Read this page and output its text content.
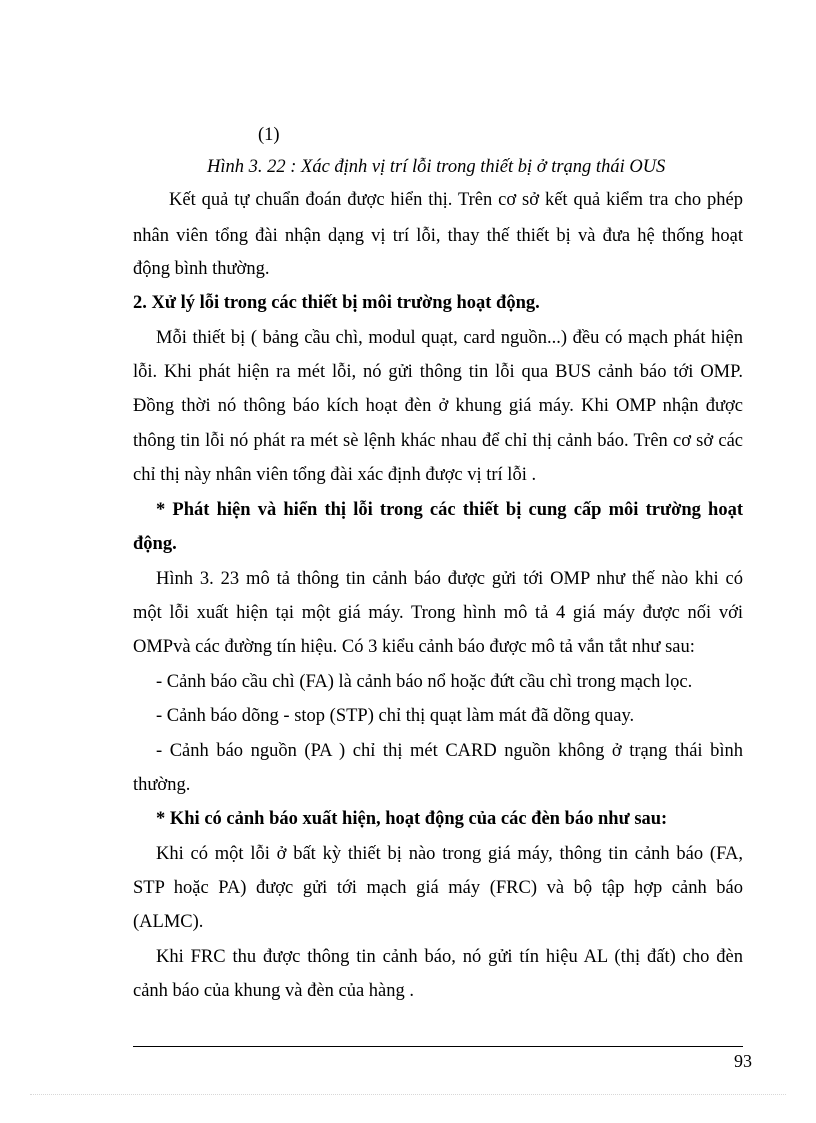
(1)
Hình 3. 22 : Xác định vị trí lỗi trong thiết bị ở trạng thái OUS
Kết quả tự chuẩn đoán được hiển thị. Trên cơ sở kết quả kiểm tra cho phép
nhân viên tổng đài nhận dạng vị trí lỗi, thay thế thiết bị và đưa hệ thống hoạt
động bình thường.
2. Xử lý lỗi trong các thiết bị môi trường hoạt động.
Mỗi thiết bị ( bảng cầu chì, modul quạt, card nguồn...) đều có mạch phát hiện
lỗi. Khi phát hiện ra mét lỗi, nó gửi thông tin lỗi qua BUS cảnh báo tới OMP.
Đồng thời nó thông báo kích hoạt đèn ở khung giá máy. Khi OMP nhận được
thông tin lỗi nó phát ra mét sè lệnh khác nhau để chỉ thị cảnh báo. Trên cơ sở các
chỉ thị này nhân viên tổng đài xác định được vị trí lỗi .
* Phát hiện và hiển thị lỗi trong các thiết bị cung cấp môi trường hoạt
động.
Hình 3. 23 mô tả thông tin cảnh báo được gửi tới OMP như thế nào khi có
một lỗi xuất hiện tại một giá máy. Trong hình mô tả 4 giá máy được nối với
OMPvà các đường tín hiệu. Có 3 kiểu cảnh báo được mô tả vắn tắt như sau:
- Cảnh báo cầu chì (FA) là cảnh báo nổ hoặc đứt cầu chì trong mạch lọc.
- Cảnh báo dõng - stop (STP) chỉ thị quạt làm mát đã dõng quay.
- Cảnh báo nguồn (PA ) chỉ thị mét CARD nguồn không ở trạng thái bình
thường.
* Khi có cảnh báo xuất hiện, hoạt động của các đèn báo như sau:
Khi có một lỗi ở bất kỳ thiết bị nào trong giá máy, thông tin cảnh báo (FA,
STP hoặc PA) được gửi tới mạch giá máy (FRC) và bộ tập hợp cảnh báo
(ALMC).
Khi FRC thu được thông tin cảnh báo, nó gửi tín hiệu AL (thị đất) cho đèn
cảnh báo của khung và đèn của hàng .
93
